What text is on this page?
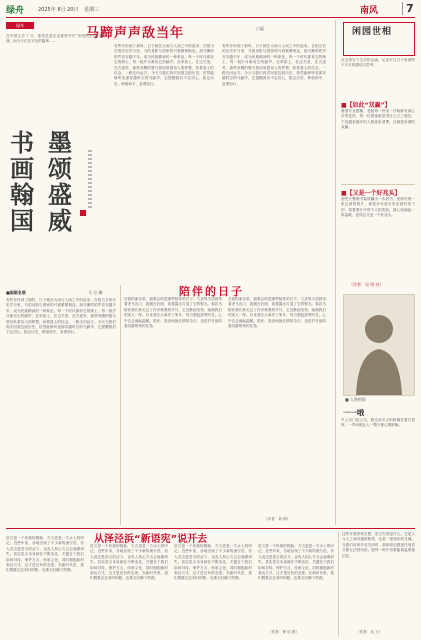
绿舟	2025年 8月 20日 星期三	南风	7
绿舟
马蹄声声敌当年	白蕴
在中国文学 7 月，笔者总是在炎夏季节写“中国出土”系列经典，而今天正在写出的篇章……
有些年份到了那时，日子就在大雨与人间之中的追求。在相当长的历史岁月里，马的身影与国家的兴衰紧紧相连，战马嘶鸣的声音穿越千年，成为民族精神的一种象征。每一个时代都有它的骑士，每一段岁月都有它的蹄声。在草原上，在边关里，在古道旁，那些奔腾的骏马曾经驮着诗人的梦想，驮着将士的信念，一路走向远方。今天当我们再次回望这段历史，依然能够听见那穿越时空的马蹄声，它提醒我们不忘初心，铭记历史，珍惜和平，奋勇前行。
有些年份到了那时，日子就在大雨与人间之中的追求。在相当长的历史岁月里，马的身影与国家的兴衰紧紧相连，战马嘶鸣的声音穿越千年，成为民族精神的一种象征。每一个时代都有它的骑士，每一段岁月都有它的蹄声。在草原上，在边关里，在古道旁，那些奔腾的骏马曾经驮着诗人的梦想，驮着将士的信念，一路走向远方。今天当我们再次回望这段历史，依然能够听见那穿越时空的马蹄声，它提醒我们不忘初心，铭记历史，珍惜和平，奋勇前行。
书
画
翰
国
墨
颂
盛
威
■国画名展	马 宗 卿
有些年份到了那时，日子就在大雨与人间之中的追求。在相当长的历史岁月里，马的身影与国家的兴衰紧紧相连，战马嘶鸣的声音穿越千年，成为民族精神的一种象征。每一个时代都有它的骑士，每一段岁月都有它的蹄声。在草原上，在边关里，在古道旁，那些奔腾的骏马曾经驮着诗人的梦想，驮着将士的信念，一路走向远方。今天当我们再次回望这段历史，依然能够听见那穿越时空的马蹄声，它提醒我们不忘初心，铭记历史，珍惜和平，奋勇前行。
陪伴的日子
在我的童年里，最难忘的是那些陪伴的日子。父亲每天清晨牵着老马出门，我跟在后面，看着露水打湿了它的鬃毛。那匹马陪伴我们家走过了许多艰难的岁月，它沉默而坚韧，就像我们的家人一样。后来我长大离开了家乡，每当想起那些时光，心中总会涌起温暖。陪伴，是世间最长情的告白，也是岁月留给我们最珍贵的礼物。
在我的童年里，最难忘的是那些陪伴的日子。父亲每天清晨牵着老马出门，我跟在后面，看着露水打湿了它的鬃毛。那匹马陪伴我们家走过了许多艰难的岁月，它沉默而坚韧，就像我们的家人一样。后来我长大离开了家乡，每当想起那些时光，心中总会涌起温暖。陪伴，是世间最长情的告白，也是岁月留给我们最珍贵的礼物。
（作者：刘 明）
闲园世相
在这里写下生活的点滴，记录平凡日子里那些不平凡的感动与思考。
■【如此“双赢”】
餐馆专业摆摊，老板每一份菜一开始都有那么多的花样，每一位顾客都觉得自己占了便宜，于是越来越多的人愿意来消费，这就是所谓的双赢。
■【又是一个好兆头】
前些天整理书架时翻出一本旧书，里面夹着一张泛黄的照片，那是多年前全家出游时拍下的，看着照片中每个人的笑脸，我心里涌起一阵温暖，觉得这又是一个好兆头。
（作者：吴 明 亮）
■ 人物剪影
一一哦
早上出门赶公交，路边卖早点的阿姨笑着打招呼，一声问候让人一整天都心情舒畅。
从泽泾浜“新语宪”说开去
语言是一个民族的根脉，方言更是一方水土的印记。近些年来，各地出现了不少新的流行语，有人说这是语言的活力，也有人担心方言会逐渐消失。其实语言本身就在不断变化，关键在于我们如何对待。保护方言，传承文化，同时拥抱新的表达方式，这才是应有的态度。在新时代里，我们既要记住来时的路，也要走好脚下的路。
语言是一个民族的根脉，方言更是一方水土的印记。近些年来，各地出现了不少新的流行语，有人说这是语言的活力，也有人担心方言会逐渐消失。其实语言本身就在不断变化，关键在于我们如何对待。保护方言，传承文化，同时拥抱新的表达方式，这才是应有的态度。在新时代里，我们既要记住来时的路，也要走好脚下的路。
语言是一个民族的根脉，方言更是一方水土的印记。近些年来，各地出现了不少新的流行语，有人说这是语言的活力，也有人担心方言会逐渐消失。其实语言本身就在不断变化，关键在于我们如何对待。保护方言，传承文化，同时拥抱新的表达方式，这才是应有的态度。在新时代里，我们既要记住来时的路，也要走好脚下的路。
语言是一个民族的根脉，方言更是一方水土的印记。近些年来，各地出现了不少新的流行语，有人说这是语言的活力，也有人担心方言会逐渐消失。其实语言本身就在不断变化，关键在于我们如何对待。保护方言，传承文化，同时拥抱新的表达方式，这才是应有的态度。在新时代里，我们既要记住来时的路，也要走好脚下的路。
（作者：钟 培 根）
这些年我常常在想，语言究竟是什么。它是人与人之间沟通的桥梁，也是一座城市的灵魂。当我们用家乡话交谈时，那种亲切感是任何语言都无法替代的。愿每一种乡音都能被温柔地记住。
（作者：吴 力）
